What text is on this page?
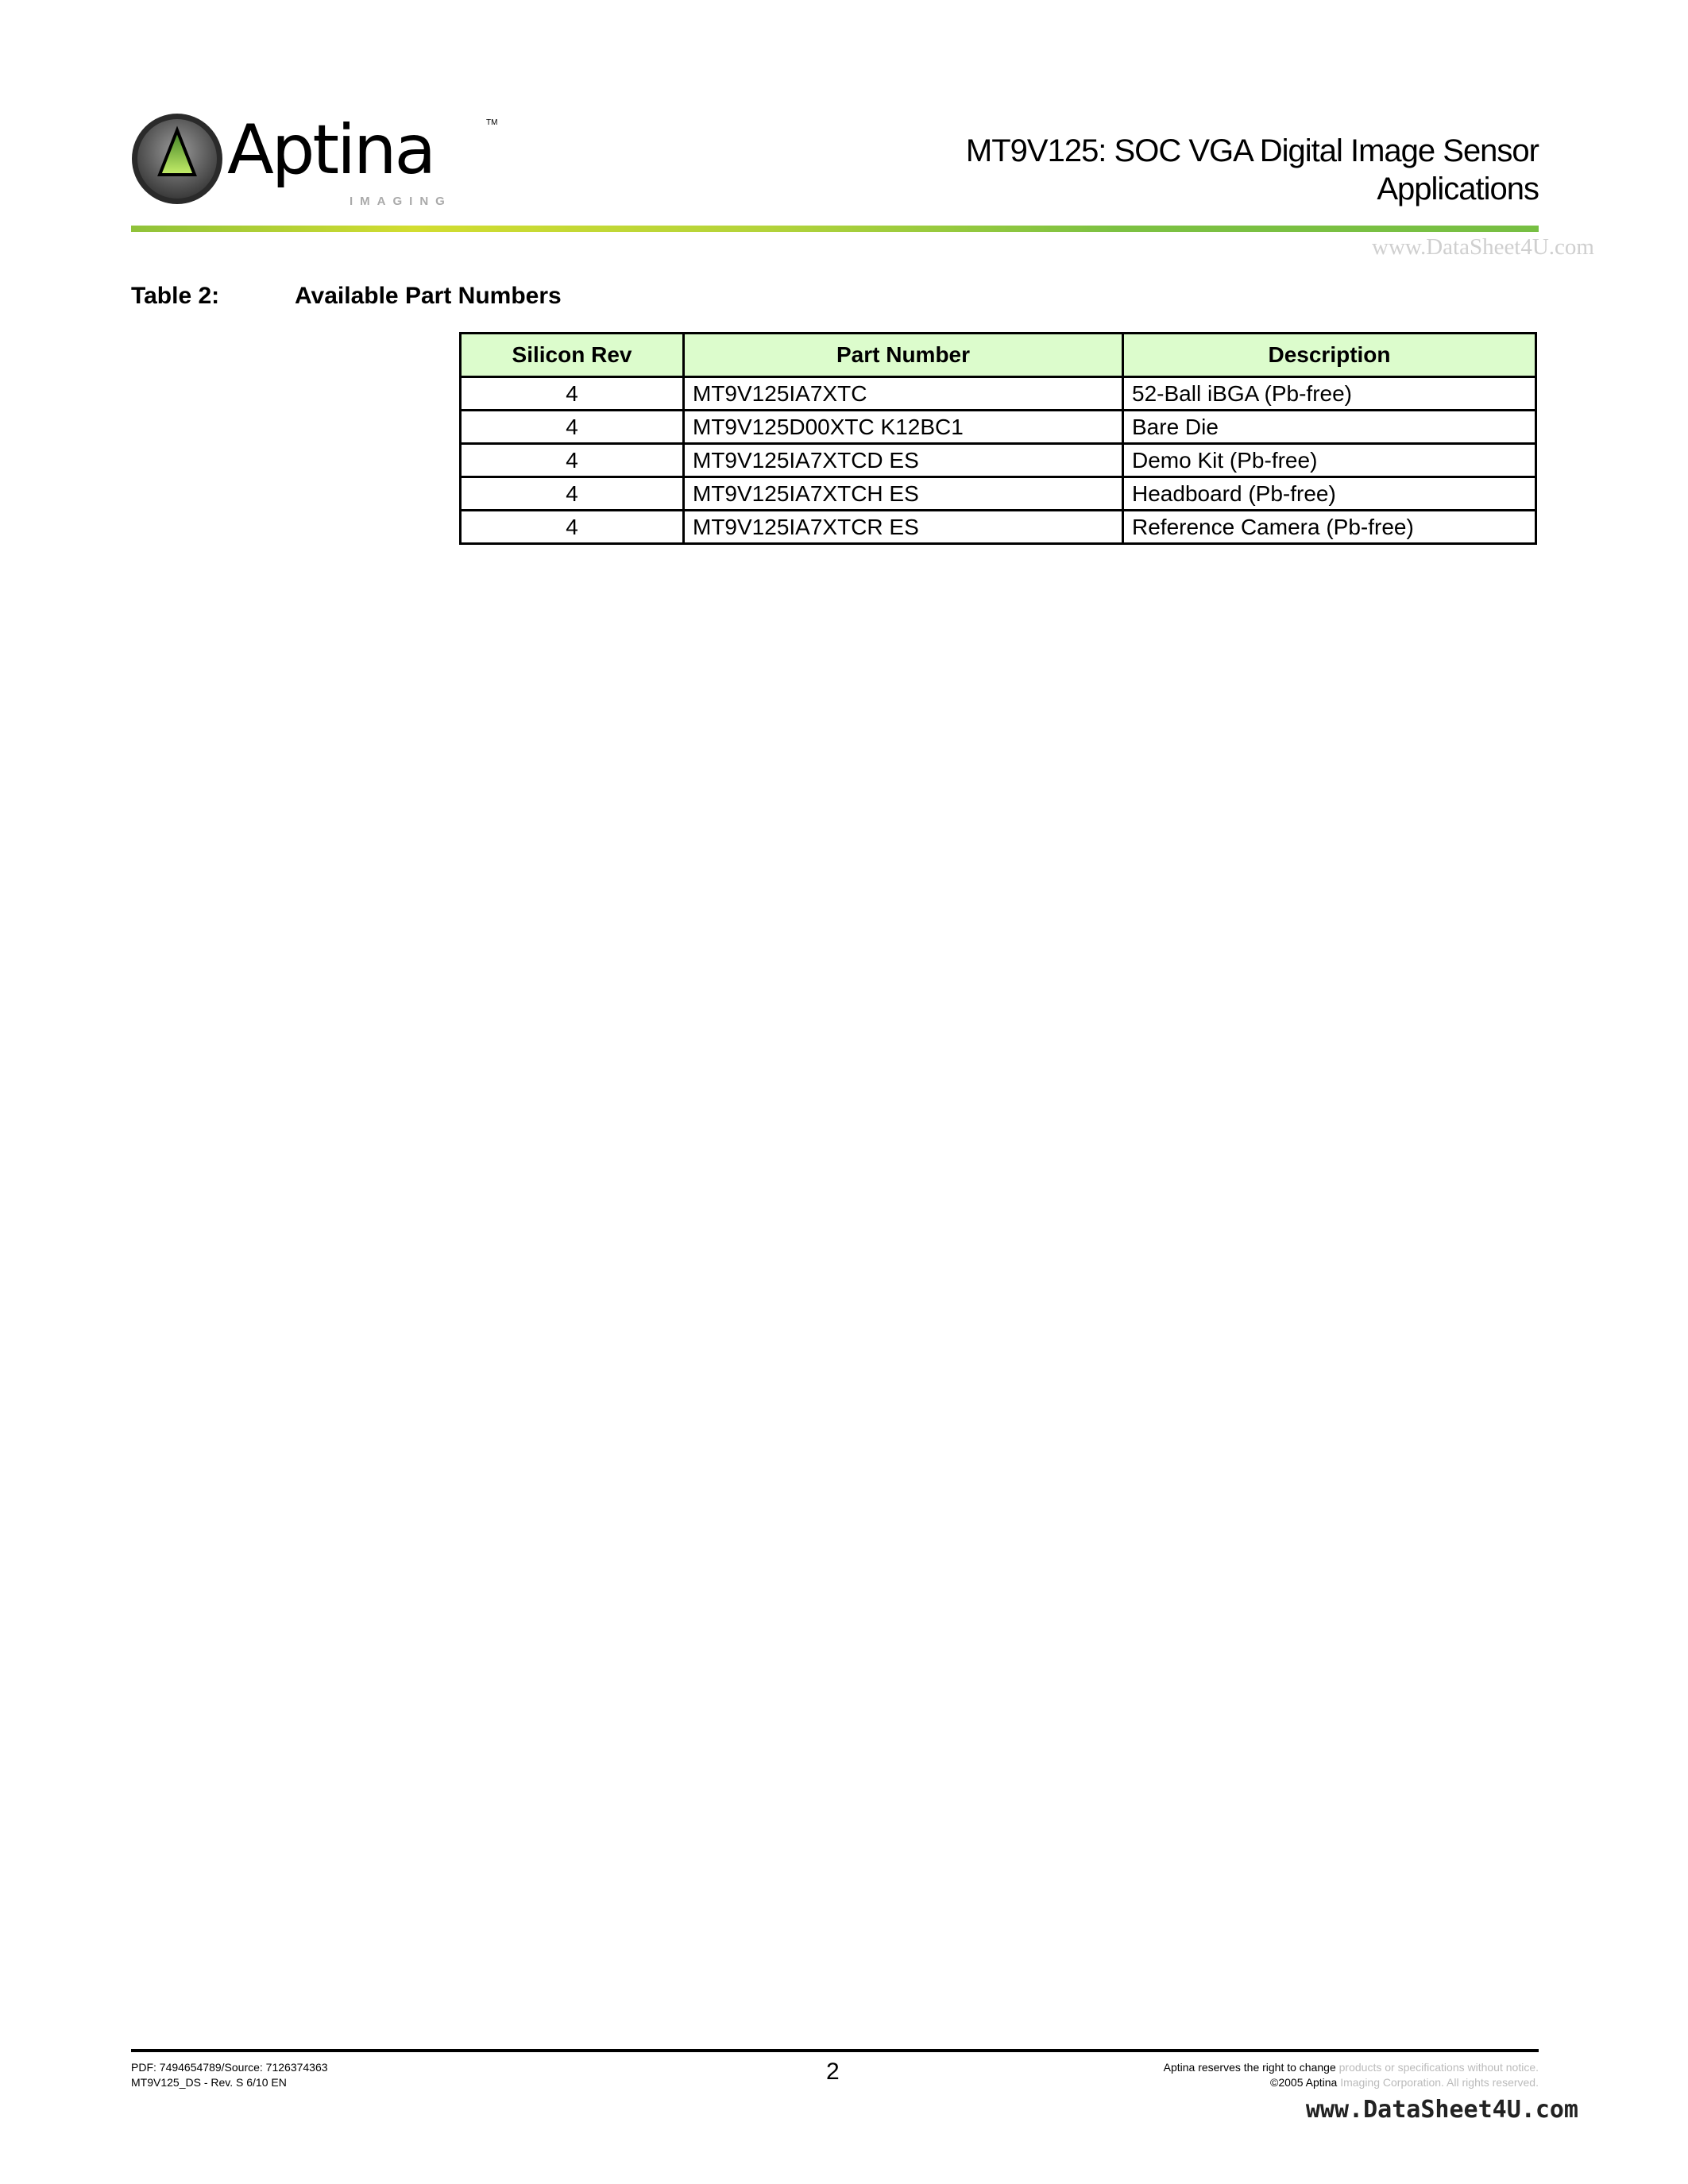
Aptina	TM
IMAGING
MT9V125: SOC VGA Digital Image Sensor
Applications
www.DataSheet4U.com
Table 2:	Available Part Numbers
Silicon Rev	Part Number	Description
4	MT9V125IA7XTC	52-Ball iBGA (Pb-free)
4	MT9V125D00XTC K12BC1	Bare Die
4	MT9V125IA7XTCD ES	Demo Kit (Pb-free)
4	MT9V125IA7XTCH ES	Headboard (Pb-free)
4	MT9V125IA7XTCR ES	Reference Camera (Pb-free)
PDF: 7494654789/Source: 7126374363
MT9V125_DS - Rev. S 6/10 EN	2	Aptina reserves the right to change products or specifications without notice.
©2005 Aptina Imaging Corporation. All rights reserved.
www.DataSheet4U.com
